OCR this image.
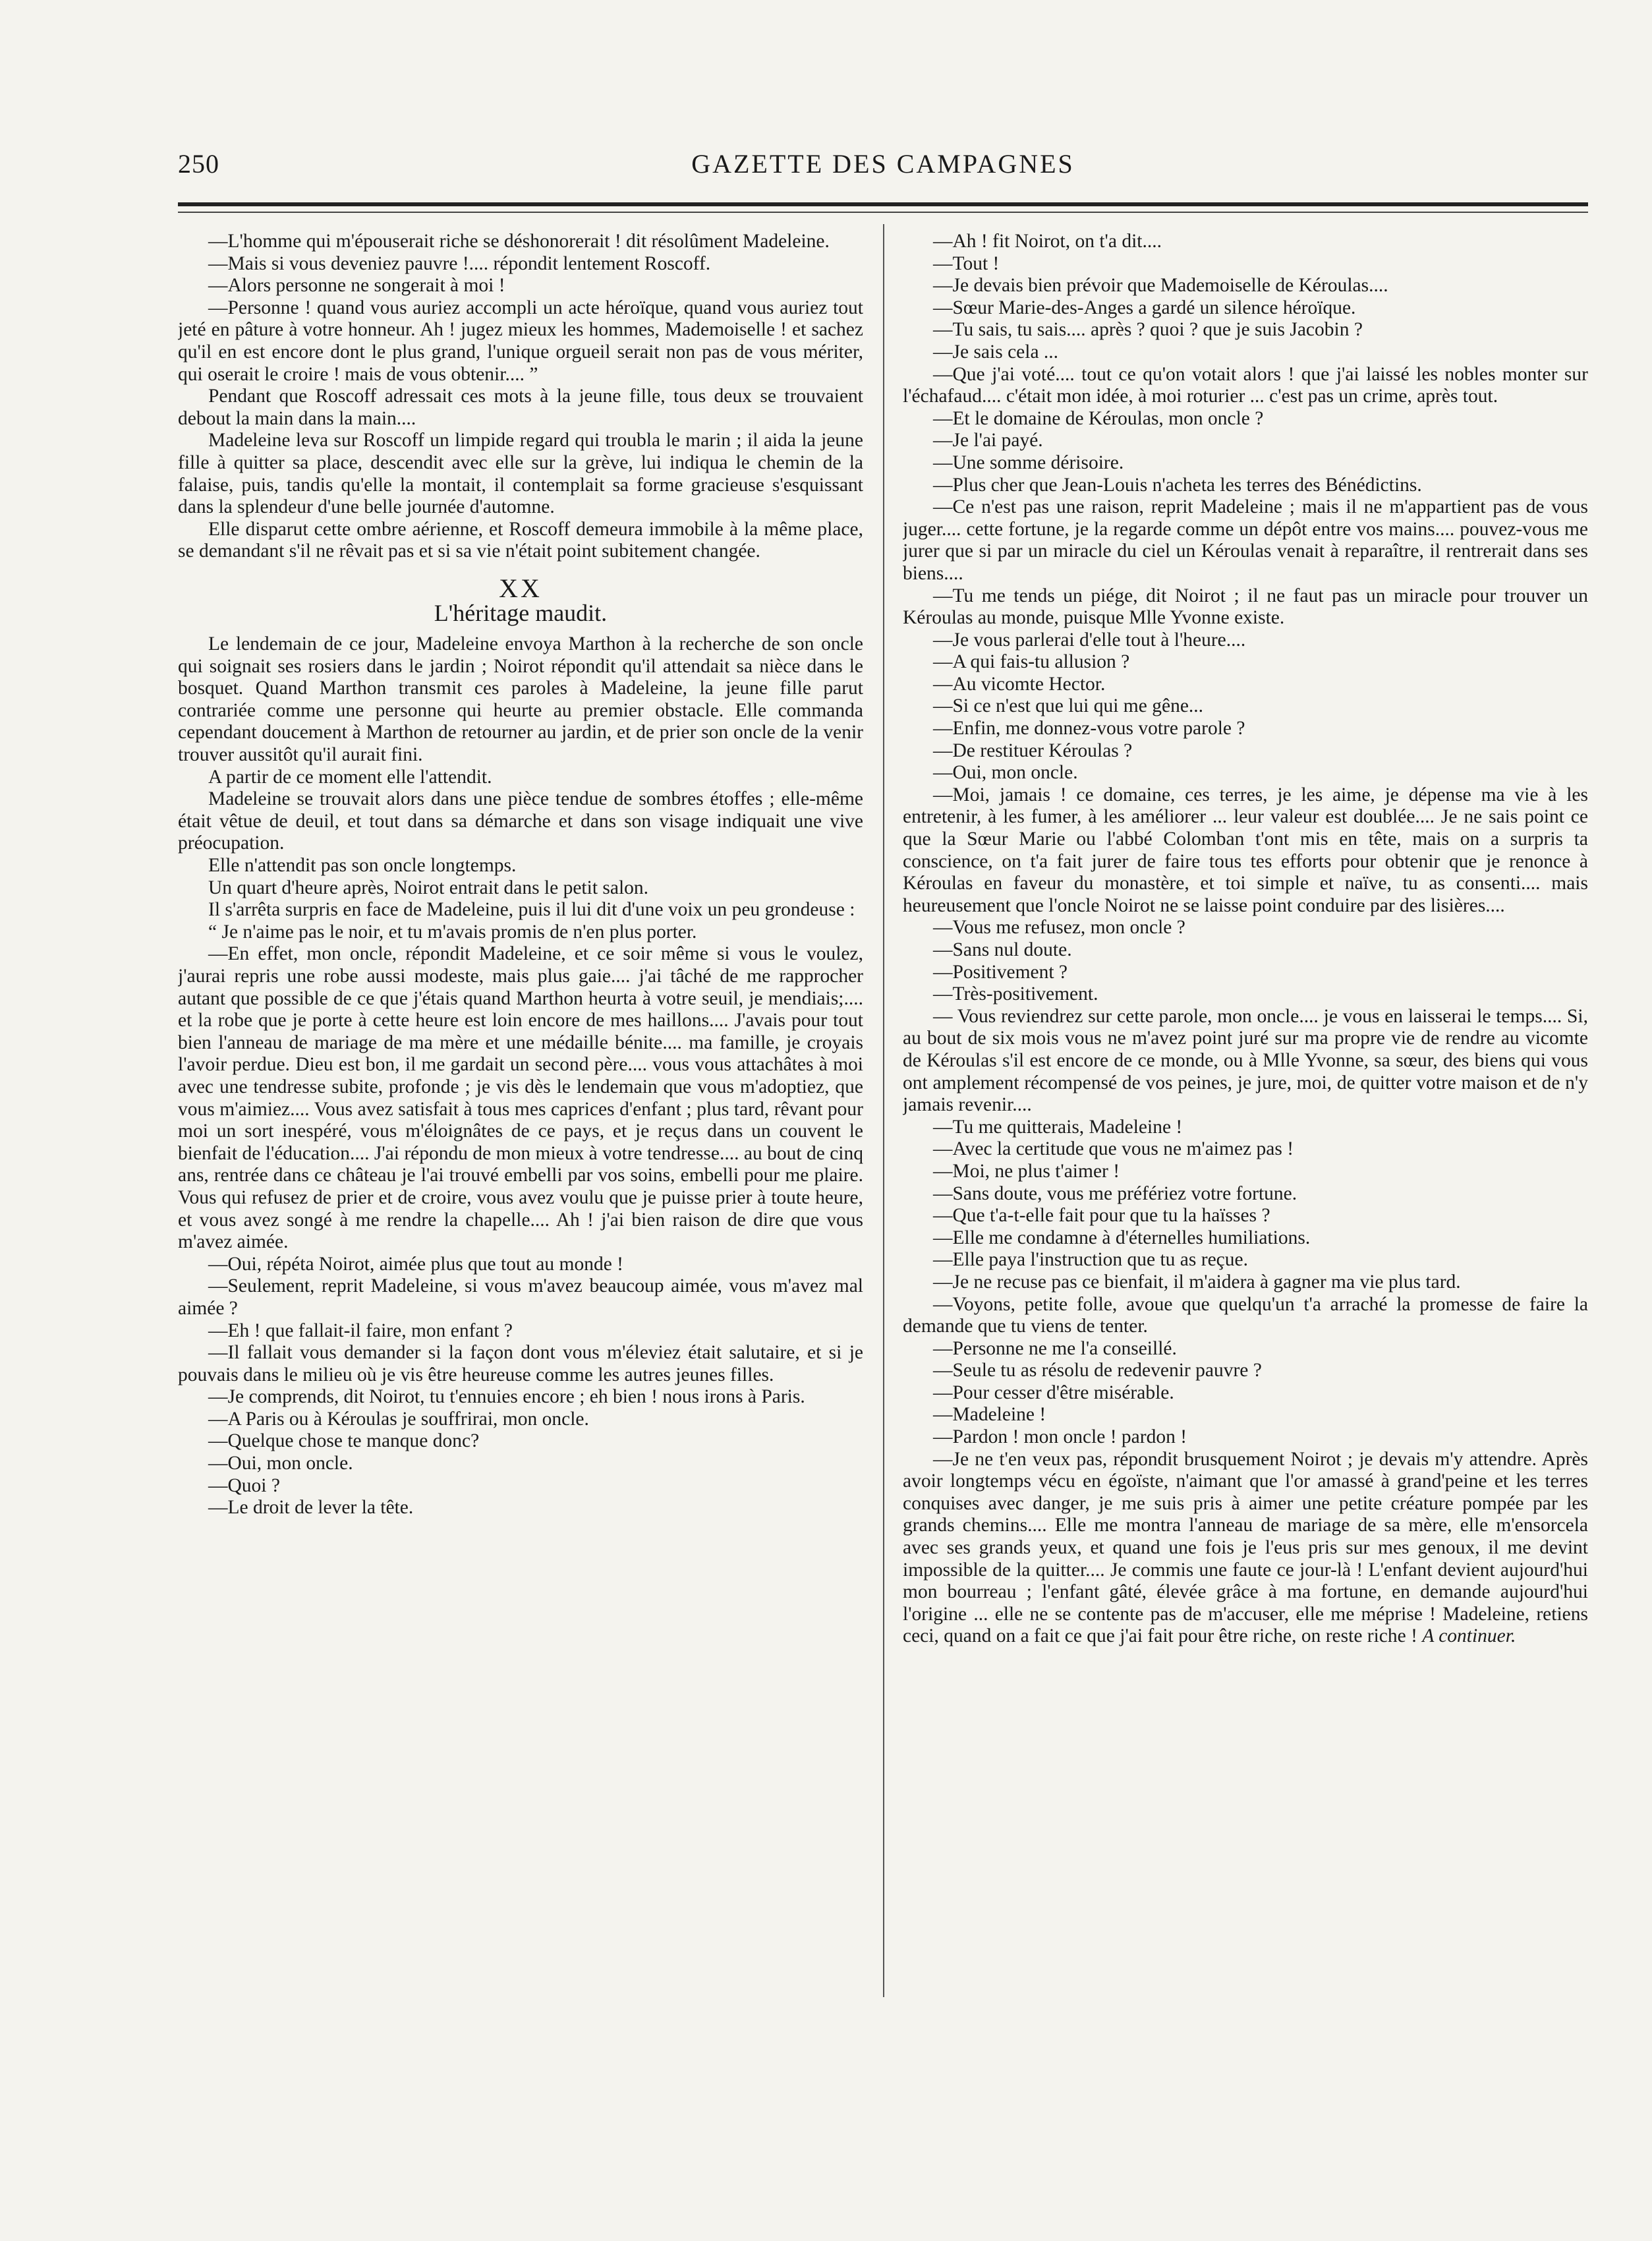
250	GAZETTE DES CAMPAGNES

—L'homme qui m'épouserait riche se déshonorerait ! dit résolûment Madeleine.

—Mais si vous deveniez pauvre !.... répondit lentement Roscoff.

—Alors personne ne songerait à moi !

—Personne ! quand vous auriez accompli un acte héroïque, quand vous auriez tout jeté en pâture à votre honneur. Ah ! jugez mieux les hommes, Mademoiselle ! et sachez qu'il en est encore dont le plus grand, l'unique orgueil serait non pas de vous mériter, qui oserait le croire ! mais de vous obtenir.... ”

Pendant que Roscoff adressait ces mots à la jeune fille, tous deux se trouvaient debout la main dans la main....

Madeleine leva sur Roscoff un limpide regard qui troubla le marin ; il aida la jeune fille à quitter sa place, descendit avec elle sur la grève, lui indiqua le chemin de la falaise, puis, tandis qu'elle la montait, il contemplait sa forme gracieuse s'esquissant dans la splendeur d'une belle journée d'automne.

Elle disparut cette ombre aérienne, et Roscoff demeura immobile à la même place, se demandant s'il ne rêvait pas et si sa vie n'était point subitement changée.

XX
L'héritage maudit.

Le lendemain de ce jour, Madeleine envoya Marthon à la recherche de son oncle qui soignait ses rosiers dans le jardin ; Noirot répondit qu'il attendait sa nièce dans le bosquet. Quand Marthon transmit ces paroles à Madeleine, la jeune fille parut contrariée comme une personne qui heurte au premier obstacle. Elle commanda cependant doucement à Marthon de retourner au jardin, et de prier son oncle de la venir trouver aussitôt qu'il aurait fini.

A partir de ce moment elle l'attendit.

Madeleine se trouvait alors dans une pièce tendue de sombres étoffes ; elle-même était vêtue de deuil, et tout dans sa démarche et dans son visage indiquait une vive préocupation.

Elle n'attendit pas son oncle longtemps.

Un quart d'heure après, Noirot entrait dans le petit salon.

Il s'arrêta surpris en face de Madeleine, puis il lui dit d'une voix un peu grondeuse :

“ Je n'aime pas le noir, et tu m'avais promis de n'en plus porter.

—En effet, mon oncle, répondit Madeleine, et ce soir même si vous le voulez, j'aurai repris une robe aussi modeste, mais plus gaie.... j'ai tâché de me rapprocher autant que possible de ce que j'étais quand Marthon heurta à votre seuil, je mendiais;.... et la robe que je porte à cette heure est loin encore de mes haillons.... J'avais pour tout bien l'anneau de mariage de ma mère et une médaille bénite.... ma famille, je croyais l'avoir perdue. Dieu est bon, il me gardait un second père.... vous vous attachâtes à moi avec une tendresse subite, profonde ; je vis dès le lendemain que vous m'adoptiez, que vous m'aimiez.... Vous avez satisfait à tous mes caprices d'enfant ; plus tard, rêvant pour moi un sort inespéré, vous m'éloignâtes de ce pays, et je reçus dans un couvent le bienfait de l'éducation.... J'ai répondu de mon mieux à votre tendresse.... au bout de cinq ans, rentrée dans ce château je l'ai trouvé embelli par vos soins, embelli pour me plaire. Vous qui refusez de prier et de croire, vous avez voulu que je puisse prier à toute heure, et vous avez songé à me rendre la chapelle.... Ah ! j'ai bien raison de dire que vous m'avez aimée.

—Oui, répéta Noirot, aimée plus que tout au monde !

—Seulement, reprit Madeleine, si vous m'avez beaucoup aimée, vous m'avez mal aimée ?

—Eh ! que fallait-il faire, mon enfant ?

—Il fallait vous demander si la façon dont vous m'éleviez était salutaire, et si je pouvais dans le milieu où je vis être heureuse comme les autres jeunes filles.

—Je comprends, dit Noirot, tu t'ennuies encore ; eh bien ! nous irons à Paris.

—A Paris ou à Kéroulas je souffrirai, mon oncle.

—Quelque chose te manque donc?

—Oui, mon oncle.

—Quoi ?

—Le droit de lever la tête.

—Ah ! fit Noirot, on t'a dit....

—Tout !

—Je devais bien prévoir que Mademoiselle de Kéroulas....

—Sœur Marie-des-Anges a gardé un silence héroïque.

—Tu sais, tu sais.... après ? quoi ? que je suis Jacobin ?

—Je sais cela ...

—Que j'ai voté.... tout ce qu'on votait alors ! que j'ai laissé les nobles monter sur l'échafaud.... c'était mon idée, à moi roturier ... c'est pas un crime, après tout.

—Et le domaine de Kéroulas, mon oncle ?

—Je l'ai payé.

—Une somme dérisoire.

—Plus cher que Jean-Louis n'acheta les terres des Bénédictins.

—Ce n'est pas une raison, reprit Madeleine ; mais il ne m'appartient pas de vous juger.... cette fortune, je la regarde comme un dépôt entre vos mains.... pouvez-vous me jurer que si par un miracle du ciel un Kéroulas venait à reparaître, il rentrerait dans ses biens....

—Tu me tends un piége, dit Noirot ; il ne faut pas un miracle pour trouver un Kéroulas au monde, puisque Mlle Yvonne existe.

—Je vous parlerai d'elle tout à l'heure....

—A qui fais-tu allusion ?

—Au vicomte Hector.

—Si ce n'est que lui qui me gêne...

—Enfin, me donnez-vous votre parole ?

—De restituer Kéroulas ?

—Oui, mon oncle.

—Moi, jamais ! ce domaine, ces terres, je les aime, je dépense ma vie à les entretenir, à les fumer, à les améliorer ... leur valeur est doublée.... Je ne sais point ce que la Sœur Marie ou l'abbé Colomban t'ont mis en tête, mais on a surpris ta conscience, on t'a fait jurer de faire tous tes efforts pour obtenir que je renonce à Kéroulas en faveur du monastère, et toi simple et naïve, tu as consenti.... mais heureusement que l'oncle Noirot ne se laisse point conduire par des lisières....

—Vous me refusez, mon oncle ?

—Sans nul doute.

—Positivement ?

—Très-positivement.

— Vous reviendrez sur cette parole, mon oncle.... je vous en laisserai le temps.... Si, au bout de six mois vous ne m'avez point juré sur ma propre vie de rendre au vicomte de Kéroulas s'il est encore de ce monde, ou à Mlle Yvonne, sa sœur, des biens qui vous ont amplement récompensé de vos peines, je jure, moi, de quitter votre maison et de n'y jamais revenir....

—Tu me quitterais, Madeleine !

—Avec la certitude que vous ne m'aimez pas !

—Moi, ne plus t'aimer !

—Sans doute, vous me préfériez votre fortune.

—Que t'a-t-elle fait pour que tu la haïsses ?

—Elle me condamne à d'éternelles humiliations.

—Elle paya l'instruction que tu as reçue.

—Je ne recuse pas ce bienfait, il m'aidera à gagner ma vie plus tard.

—Voyons, petite folle, avoue que quelqu'un t'a arraché la promesse de faire la demande que tu viens de tenter.

—Personne ne me l'a conseillé.

—Seule tu as résolu de redevenir pauvre ?

—Pour cesser d'être misérable.

—Madeleine !

—Pardon ! mon oncle ! pardon !

—Je ne t'en veux pas, répondit brusquement Noirot ; je devais m'y attendre. Après avoir longtemps vécu en égoïste, n'aimant que l'or amassé à grand'peine et les terres conquises avec danger, je me suis pris à aimer une petite créature pompée par les grands chemins.... Elle me montra l'anneau de mariage de sa mère, elle m'ensorcela avec ses grands yeux, et quand une fois je l'eus pris sur mes genoux, il me devint impossible de la quitter.... Je commis une faute ce jour-là ! L'enfant devient aujourd'hui mon bourreau ; l'enfant gâté, élevée grâce à ma fortune, en demande aujourd'hui l'origine ... elle ne se contente pas de m'accuser, elle me méprise ! Madeleine, retiens ceci, quand on a fait ce que j'ai fait pour être riche, on reste riche ! A continuer.
